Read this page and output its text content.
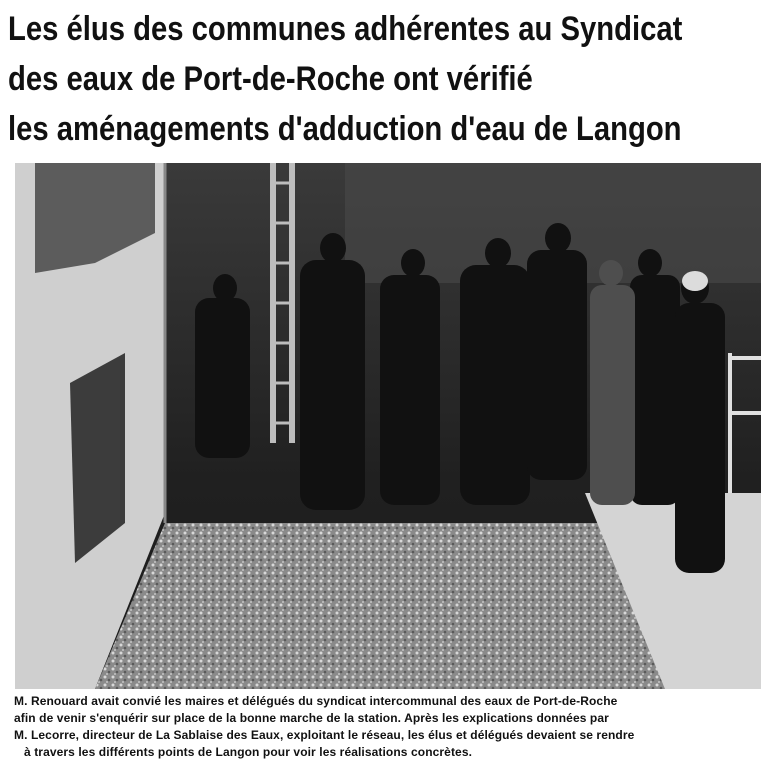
Les élus des communes adhérentes au Syndicat
des eaux de Port-de-Roche ont vérifié
les aménagements d'adduction d'eau de Langon

M. Renouard avait convié les maires et délégués du syndicat intercommunal des eaux de Port-de-Roche
afin de venir s'enquérir sur place de la bonne marche de la station. Après les explications données par
M. Lecorre, directeur de La Sablaise des Eaux, exploitant le réseau, les élus et délégués devaient se rendre
à travers les différents points de Langon pour voir les réalisations concrètes.
